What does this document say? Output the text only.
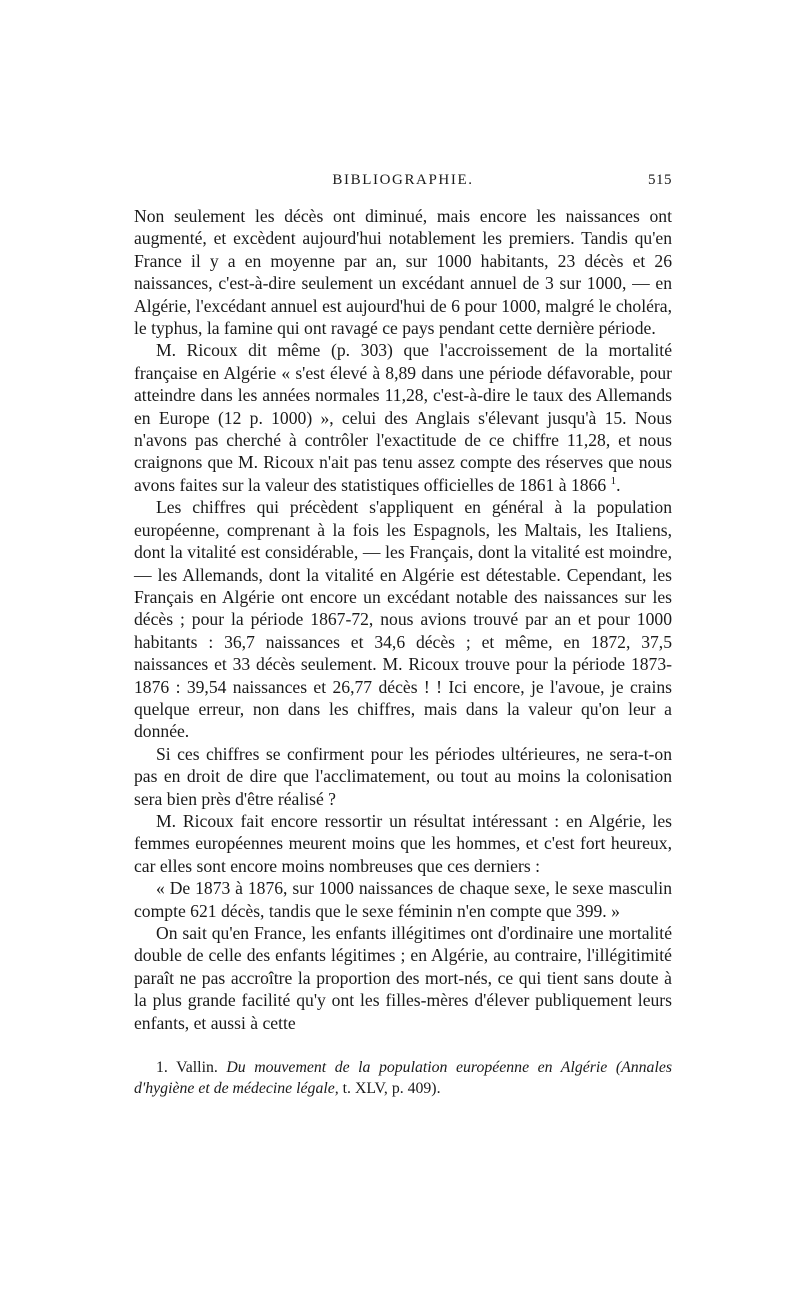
BIBLIOGRAPHIE.	515

Non seulement les décès ont diminué, mais encore les naissances ont augmenté, et excèdent aujourd'hui notablement les premiers. Tandis qu'en France il y a en moyenne par an, sur 1000 habitants, 23 décès et 26 naissances, c'est-à-dire seulement un excédant annuel de 3 sur 1000, — en Algérie, l'excédant annuel est aujourd'hui de 6 pour 1000, malgré le choléra, le typhus, la famine qui ont ravagé ce pays pendant cette dernière période.

M. Ricoux dit même (p. 303) que l'accroissement de la mortalité française en Algérie « s'est élevé à 8,89 dans une période défavorable, pour atteindre dans les années normales 11,28, c'est-à-dire le taux des Allemands en Europe (12 p. 1000) », celui des Anglais s'élevant jusqu'à 15. Nous n'avons pas cherché à contrôler l'exactitude de ce chiffre 11,28, et nous craignons que M. Ricoux n'ait pas tenu assez compte des réserves que nous avons faites sur la valeur des statistiques officielles de 1861 à 1866 $^1$.

Les chiffres qui précèdent s'appliquent en général à la population européenne, comprenant à la fois les Espagnols, les Maltais, les Italiens, dont la vitalité est considérable, — les Français, dont la vitalité est moindre, — les Allemands, dont la vitalité en Algérie est détestable. Cependant, les Français en Algérie ont encore un excédant notable des naissances sur les décès ; pour la période 1867-72, nous avions trouvé par an et pour 1000 habitants : 36,7 naissances et 34,6 décès ; et même, en 1872, 37,5 naissances et 33 décès seulement. M. Ricoux trouve pour la période 1873-1876 : 39,54 naissances et 26,77 décès ! ! Ici encore, je l'avoue, je crains quelque erreur, non dans les chiffres, mais dans la valeur qu'on leur a donnée.

Si ces chiffres se confirment pour les périodes ultérieures, ne sera-t-on pas en droit de dire que l'acclimatement, ou tout au moins la colonisation sera bien près d'être réalisé ?

M. Ricoux fait encore ressortir un résultat intéressant : en Algérie, les femmes européennes meurent moins que les hommes, et c'est fort heureux, car elles sont encore moins nombreuses que ces derniers :

« De 1873 à 1876, sur 1000 naissances de chaque sexe, le sexe masculin compte 621 décès, tandis que le sexe féminin n'en compte que 399. »

On sait qu'en France, les enfants illégitimes ont d'ordinaire une mortalité double de celle des enfants légitimes ; en Algérie, au contraire, l'illégitimité paraît ne pas accroître la proportion des mort-nés, ce qui tient sans doute à la plus grande facilité qu'y ont les filles-mères d'élever publiquement leurs enfants, et aussi à cette

1. Vallin. Du mouvement de la population européenne en Algérie (Annales d'hygiène et de médecine légale, t. XLV, p. 409).
